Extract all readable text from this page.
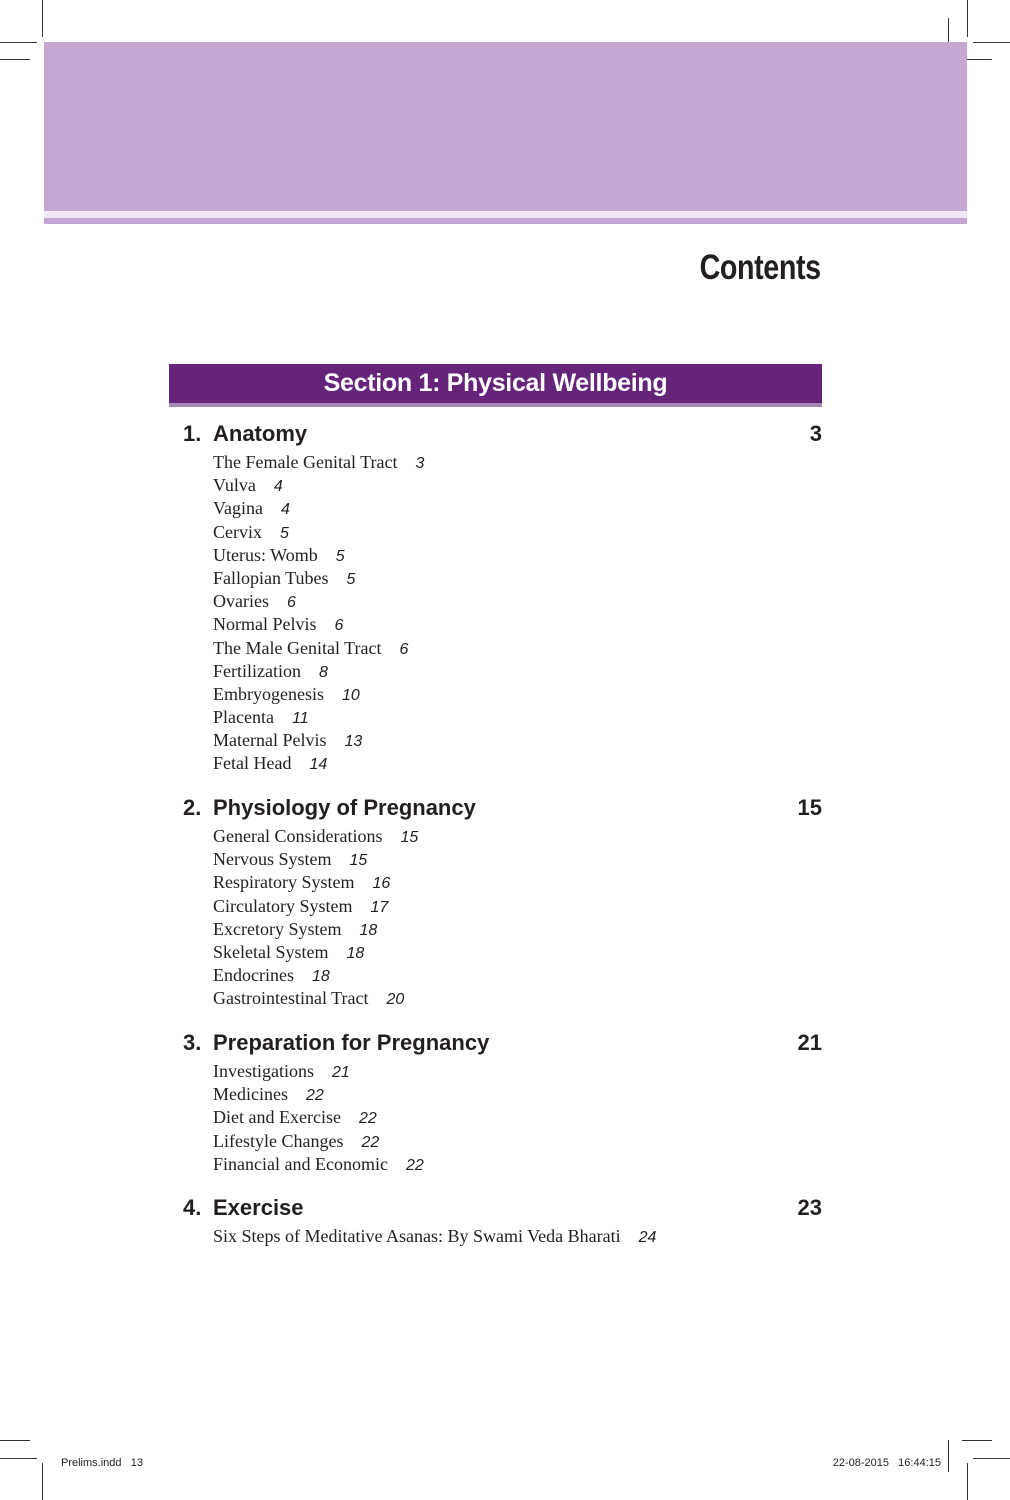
Contents
Section 1: Physical Wellbeing
1. Anatomy	3
The Female Genital Tract 3
Vulva 4
Vagina 4
Cervix 5
Uterus: Womb 5
Fallopian Tubes 5
Ovaries 6
Normal Pelvis 6
The Male Genital Tract 6
Fertilization 8
Embryogenesis 10
Placenta 11
Maternal Pelvis 13
Fetal Head 14
2. Physiology of Pregnancy	15
General Considerations 15
Nervous System 15
Respiratory System 16
Circulatory System 17
Excretory System 18
Skeletal System 18
Endocrines 18
Gastrointestinal Tract 20
3. Preparation for Pregnancy	21
Investigations 21
Medicines 22
Diet and Exercise 22
Lifestyle Changes 22
Financial and Economic 22
4. Exercise	23
Six Steps of Meditative Asanas: By Swami Veda Bharati 24
Prelims.indd 13	22-08-2015 16:44:15
